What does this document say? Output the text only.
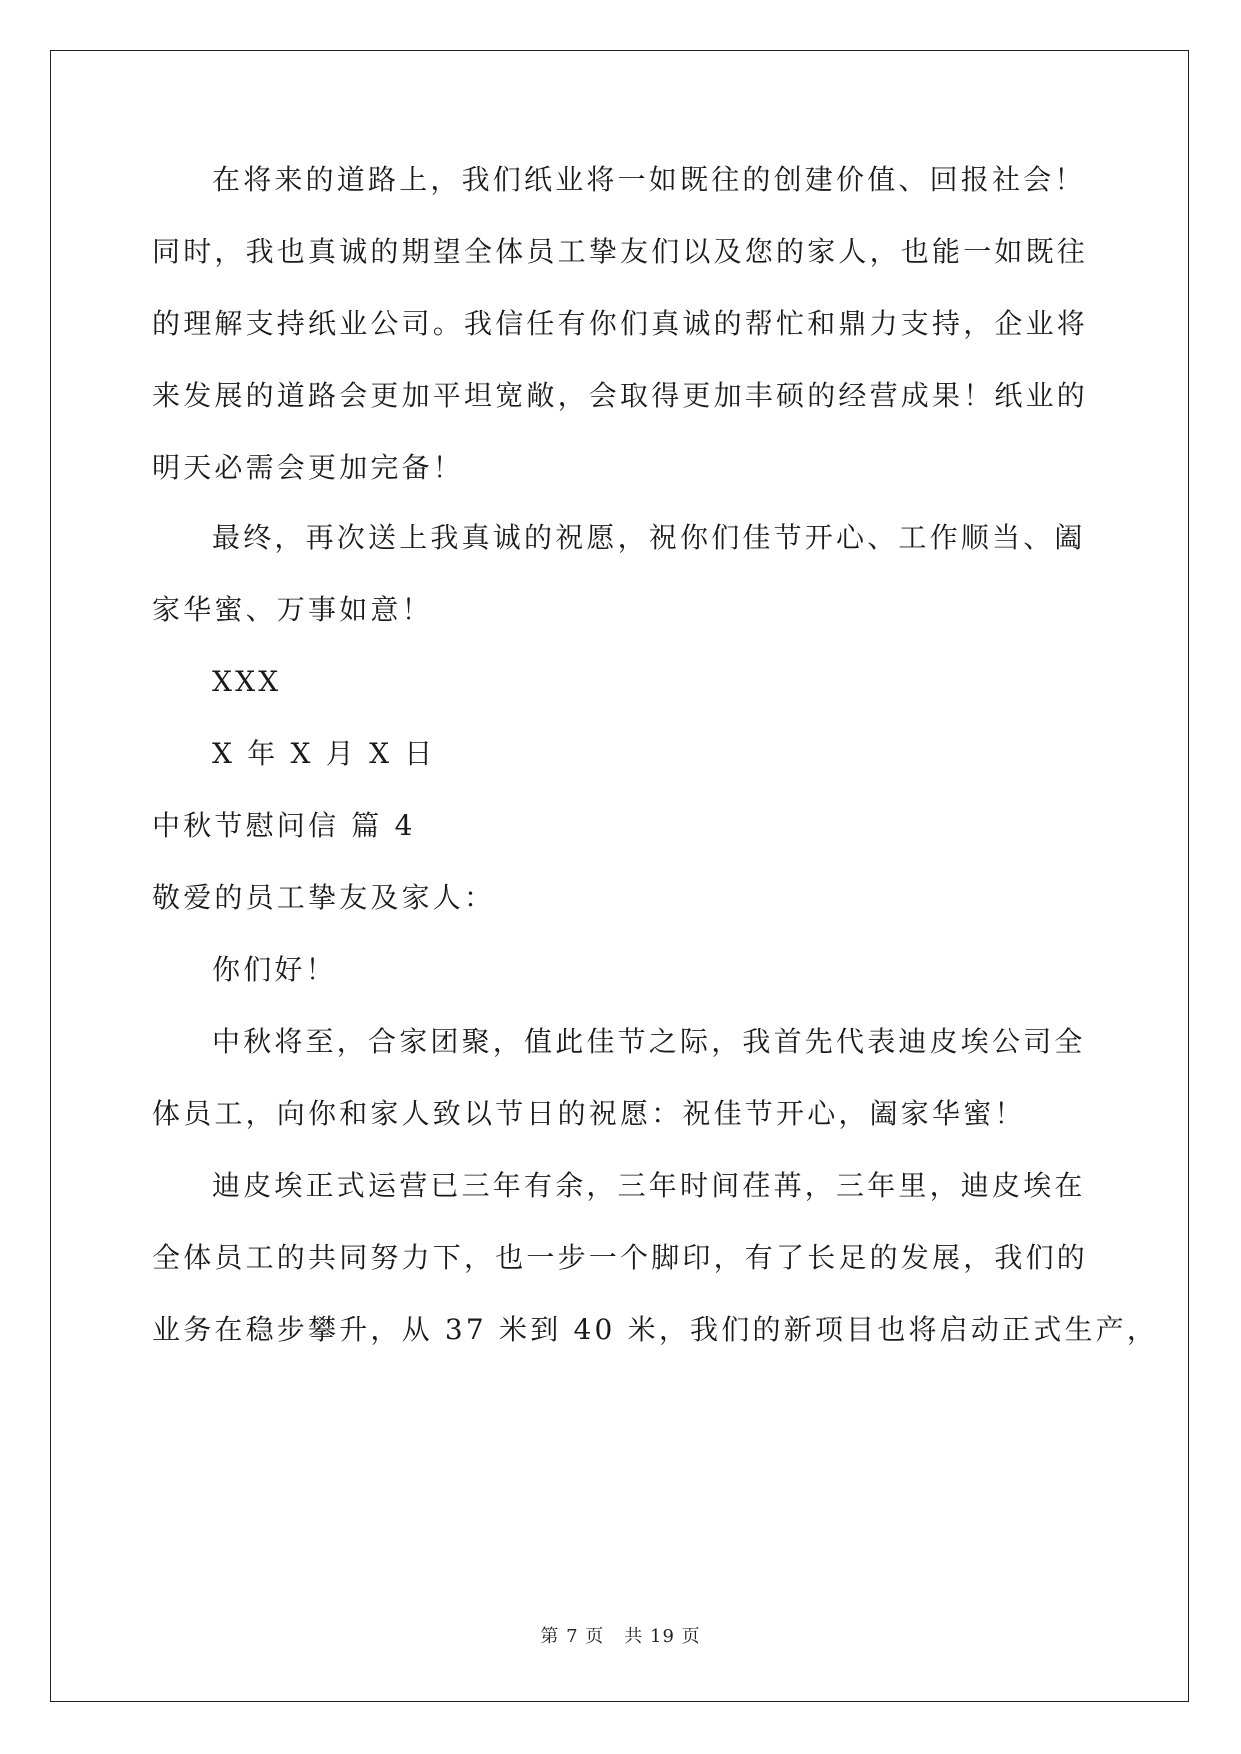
在将来的道路上，我们纸业将一如既往的创建价值、回报社会！
同时，我也真诚的期望全体员工挚友们以及您的家人，也能一如既往
的理解支持纸业公司。我信任有你们真诚的帮忙和鼎力支持，企业将
来发展的道路会更加平坦宽敞，会取得更加丰硕的经营成果！纸业的
明天必需会更加完备！
最终，再次送上我真诚的祝愿，祝你们佳节开心、工作顺当、阖
家华蜜、万事如意！
XXX
X 年 X 月 X 日
中秋节慰问信 篇 4
敬爱的员工挚友及家人：
你们好！
中秋将至，合家团聚，值此佳节之际，我首先代表迪皮埃公司全
体员工，向你和家人致以节日的祝愿：祝佳节开心，阖家华蜜！
迪皮埃正式运营已三年有余，三年时间荏苒，三年里，迪皮埃在
全体员工的共同努力下，也一步一个脚印，有了长足的发展，我们的
业务在稳步攀升，从 37 米到 40 米，我们的新项目也将启动正式生产，
第 7 页 共 19 页
